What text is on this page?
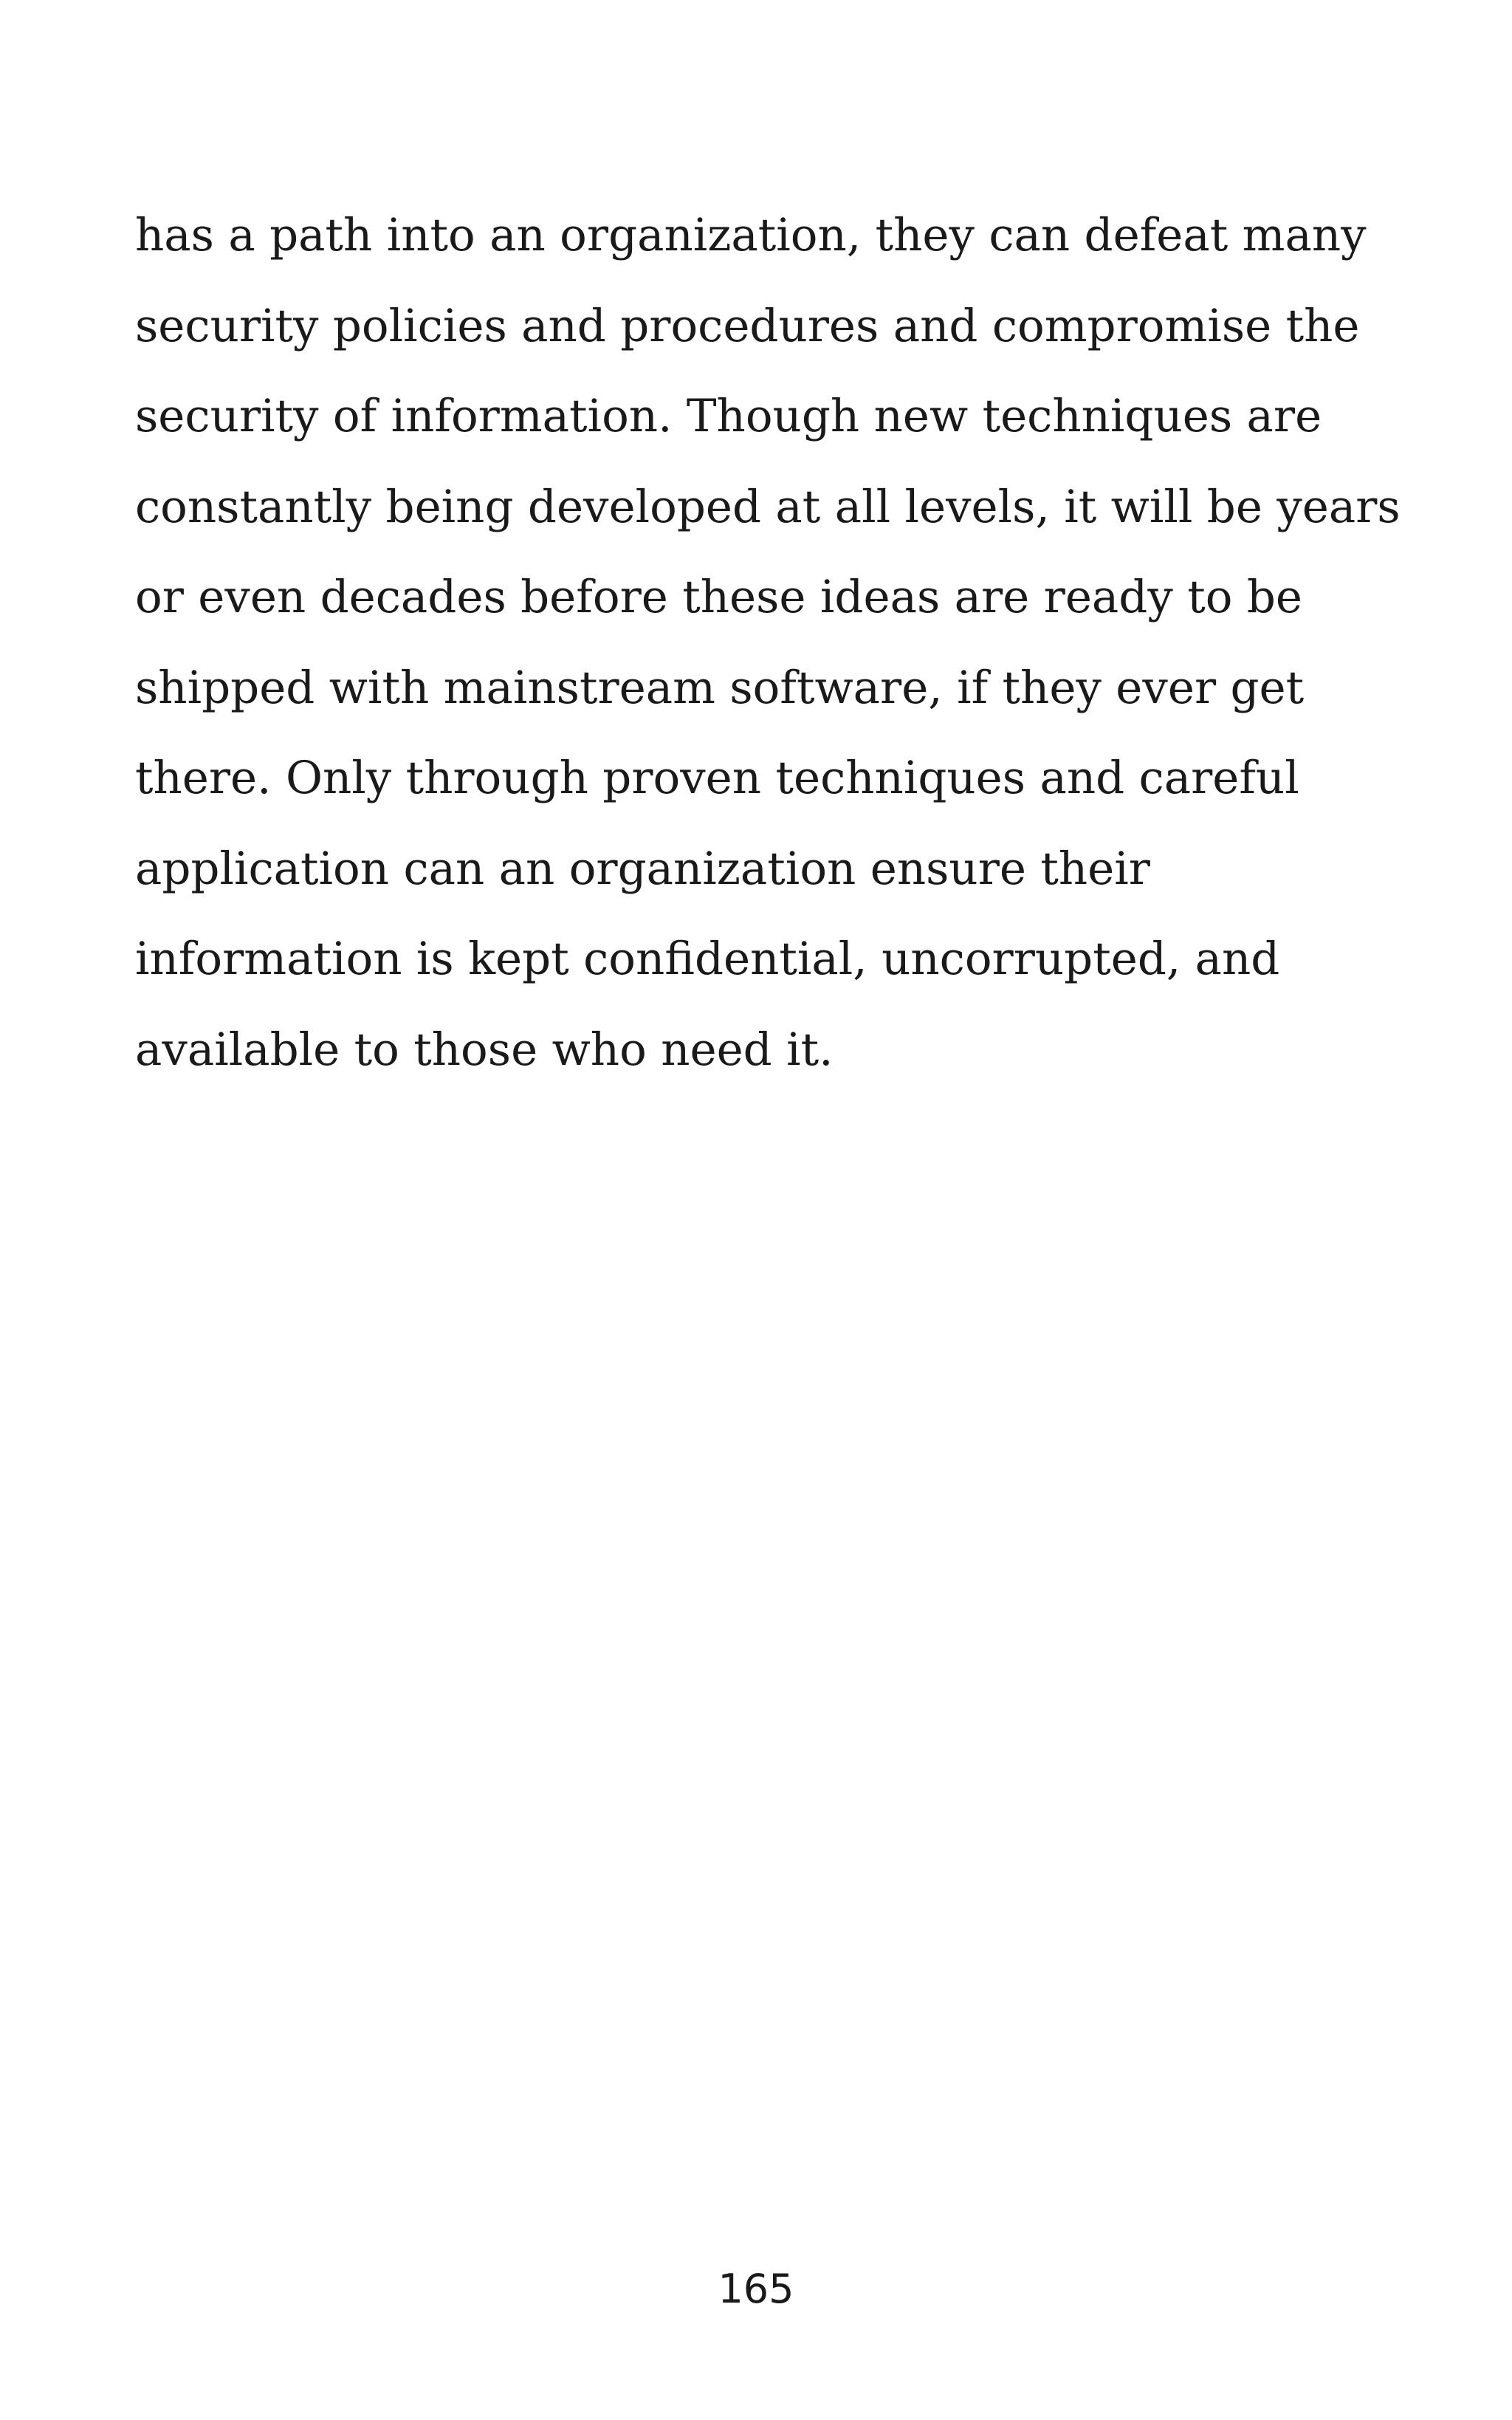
has a path into an organization, they can defeat many
security policies and procedures and compromise the
security of information. Though new techniques are
constantly being developed at all levels, it will be years
or even decades before these ideas are ready to be
shipped with mainstream software, if they ever get
there. Only through proven techniques and careful
application can an organization ensure their
information is kept confidential, uncorrupted, and
available to those who need it.
165
